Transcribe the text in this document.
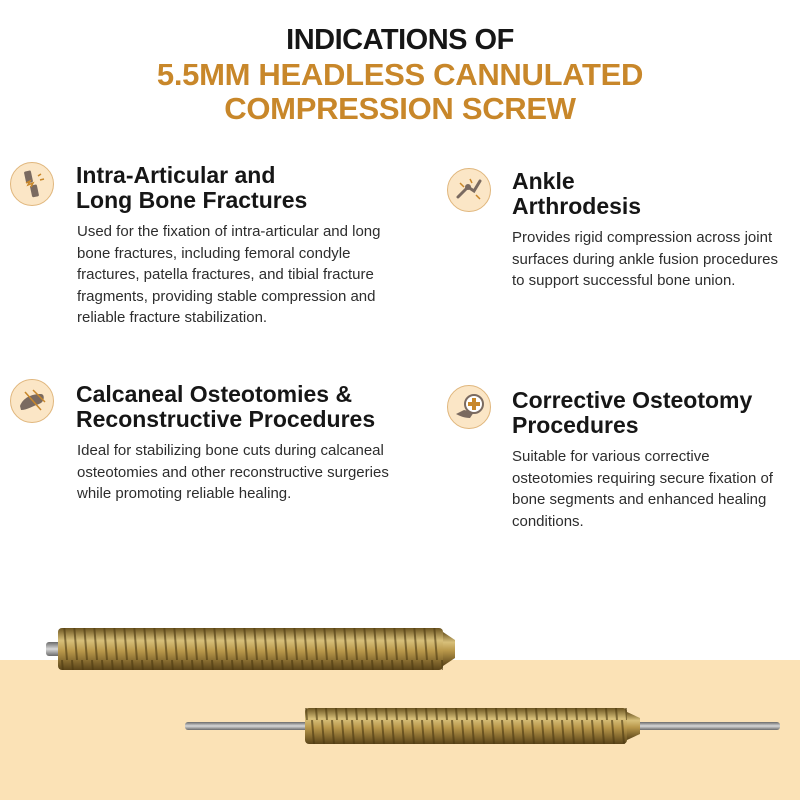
INDICATIONS OF
5.5MM HEADLESS CANNULATED
COMPRESSION SCREW
Intra-Articular and
Long Bone Fractures
Used for the fixation of intra-articular and long bone fractures, including femoral condyle fractures, patella fractures, and tibial fracture fragments, providing stable compression and reliable fracture stabilization.
Ankle
Arthrodesis
Provides rigid compression across joint surfaces during ankle fusion procedures to support successful bone union.
Calcaneal Osteotomies &
Reconstructive Procedures
Ideal for stabilizing bone cuts during calcaneal osteotomies and other reconstructive surgeries while promoting reliable healing.
Corrective Osteotomy
Procedures
Suitable for various corrective osteotomies requiring secure fixation of bone segments and enhanced healing conditions.
